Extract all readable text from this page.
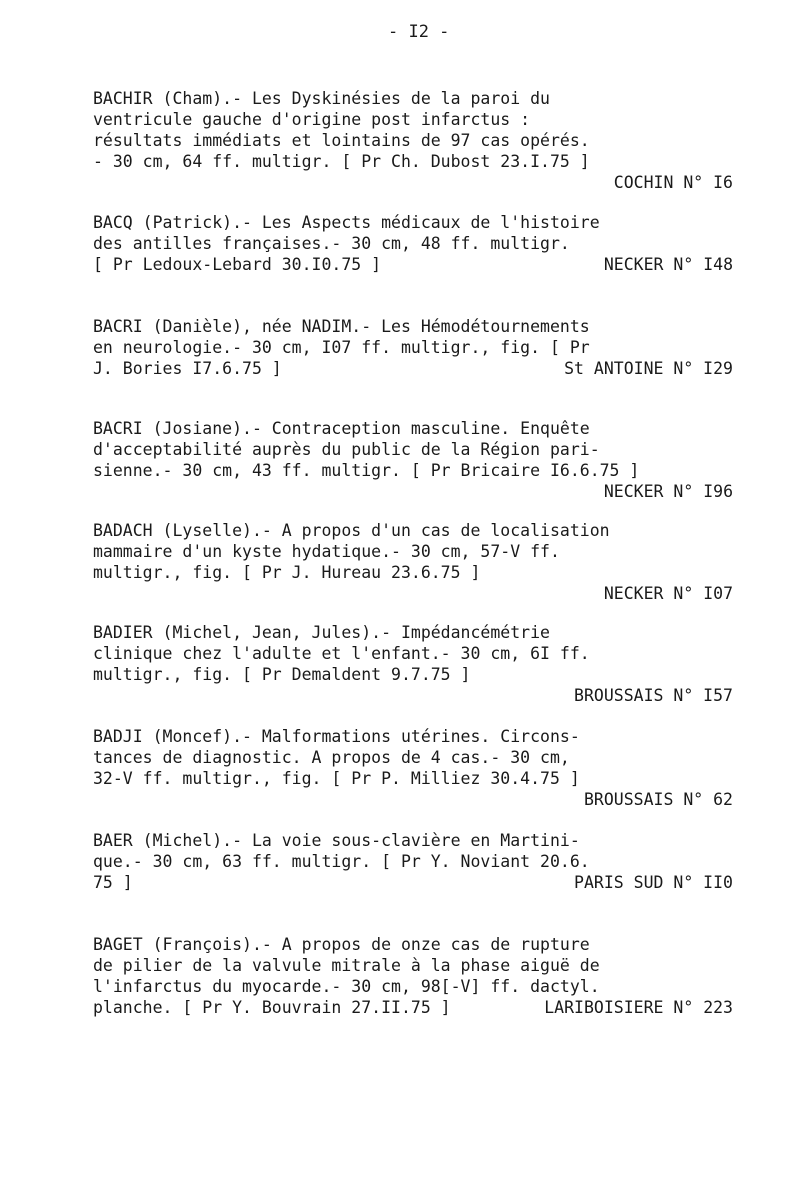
- I2 -
BACHIR (Cham).- Les Dyskinésies de la paroi du
ventricule gauche d'origine post infarctus :
résultats immédiats et lointains de 97 cas opérés.
- 30 cm, 64 ff. multigr. [ Pr Ch. Dubost 23.I.75 ]
COCHIN N° I6
BACQ (Patrick).- Les Aspects médicaux de l'histoire
des antilles françaises.- 30 cm, 48 ff. multigr.
[ Pr Ledoux-Lebard 30.I0.75 ]	NECKER N° I48
BACRI (Danièle), née NADIM.- Les Hémodétournements
en neurologie.- 30 cm, I07 ff. multigr., fig. [ Pr
J. Bories I7.6.75 ]	St ANTOINE N° I29
BACRI (Josiane).- Contraception masculine. Enquête
d'acceptabilité auprès du public de la Région pari-
sienne.- 30 cm, 43 ff. multigr. [ Pr Bricaire I6.6.75 ]
NECKER N° I96
BADACH (Lyselle).- A propos d'un cas de localisation
mammaire d'un kyste hydatique.- 30 cm, 57-V ff.
multigr., fig. [ Pr J. Hureau 23.6.75 ]
NECKER N° I07
BADIER (Michel, Jean, Jules).- Impédancémétrie
clinique chez l'adulte et l'enfant.- 30 cm, 6I ff.
multigr., fig. [ Pr Demaldent 9.7.75 ]
BROUSSAIS N° I57
BADJI (Moncef).- Malformations utérines. Circons-
tances de diagnostic. A propos de 4 cas.- 30 cm,
32-V ff. multigr., fig. [ Pr P. Milliez 30.4.75 ]
BROUSSAIS N° 62
BAER (Michel).- La voie sous-clavière en Martini-
que.- 30 cm, 63 ff. multigr. [ Pr Y. Noviant 20.6.
75 ]	PARIS SUD N° II0
BAGET (François).- A propos de onze cas de rupture
de pilier de la valvule mitrale à la phase aiguë de
l'infarctus du myocarde.- 30 cm, 98[-V] ff. dactyl.
planche. [ Pr Y. Bouvrain 27.II.75 ]	LARIBOISIERE N° 223
